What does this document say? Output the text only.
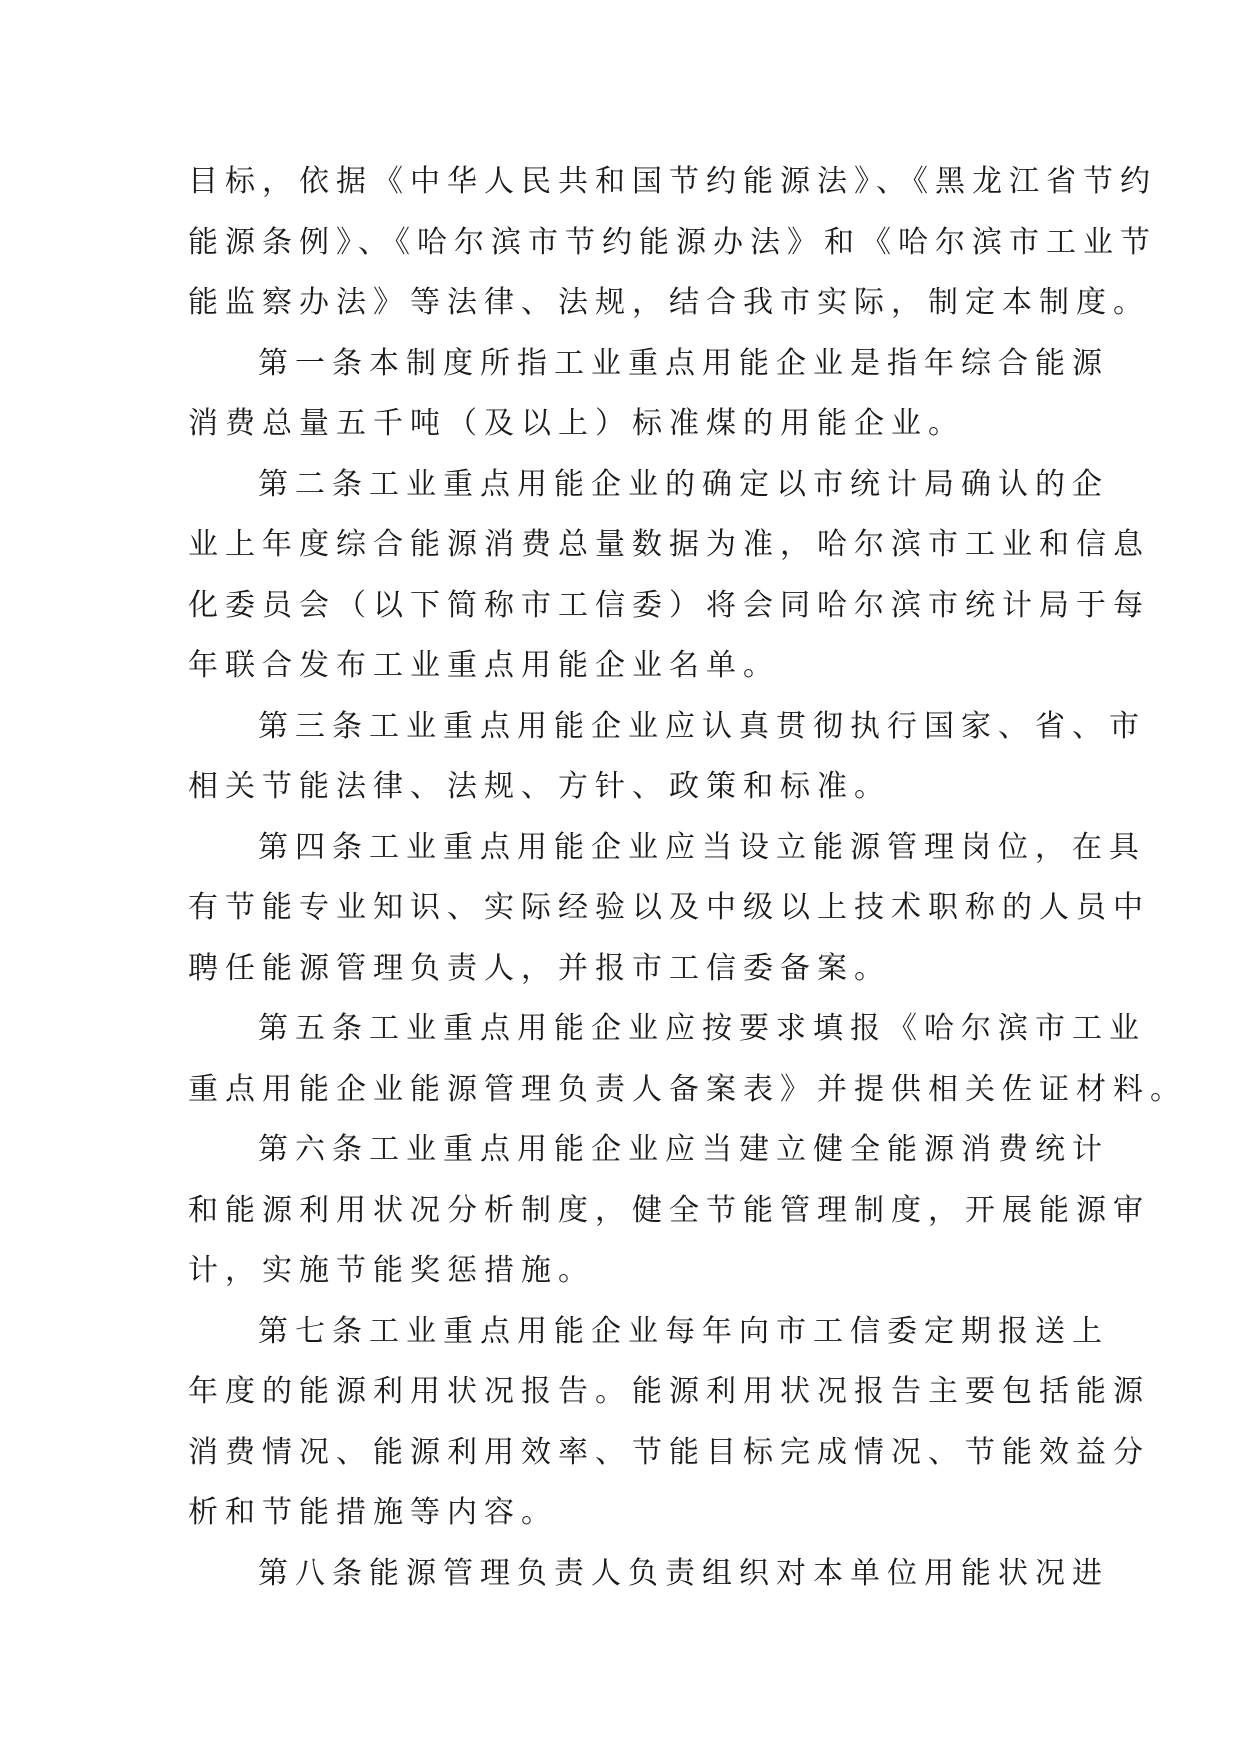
目标，依据《中华人民共和国节约能源法》、《黑龙江省节约
能源条例》、《哈尔滨市节约能源办法》和《哈尔滨市工业节
能监察办法》等法律、法规，结合我市实际，制定本制度。
第一条本制度所指工业重点用能企业是指年综合能源
消费总量五千吨（及以上）标准煤的用能企业。
第二条工业重点用能企业的确定以市统计局确认的企
业上年度综合能源消费总量数据为准，哈尔滨市工业和信息
化委员会（以下简称市工信委）将会同哈尔滨市统计局于每
年联合发布工业重点用能企业名单。
第三条工业重点用能企业应认真贯彻执行国家、省、市
相关节能法律、法规、方针、政策和标准。
第四条工业重点用能企业应当设立能源管理岗位，在具
有节能专业知识、实际经验以及中级以上技术职称的人员中
聘任能源管理负责人，并报市工信委备案。
第五条工业重点用能企业应按要求填报《哈尔滨市工业
重点用能企业能源管理负责人备案表》并提供相关佐证材料。
第六条工业重点用能企业应当建立健全能源消费统计
和能源利用状况分析制度，健全节能管理制度，开展能源审
计，实施节能奖惩措施。
第七条工业重点用能企业每年向市工信委定期报送上
年度的能源利用状况报告。能源利用状况报告主要包括能源
消费情况、能源利用效率、节能目标完成情况、节能效益分
析和节能措施等内容。
第八条能源管理负责人负责组织对本单位用能状况进
